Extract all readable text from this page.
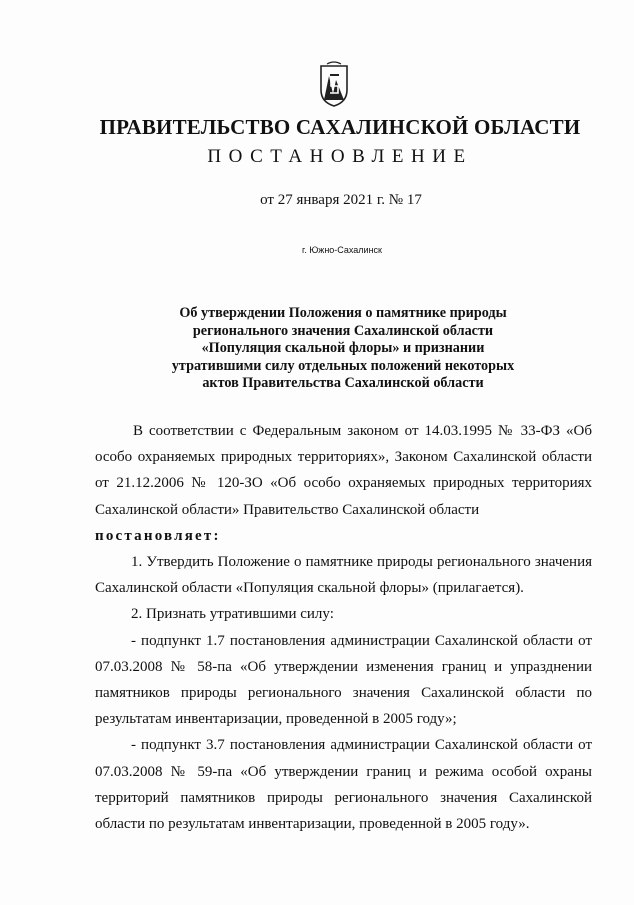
ПРАВИТЕЛЬСТВО САХАЛИНСКОЙ ОБЛАСТИ
ПОСТАНОВЛЕНИЕ
от 27 января 2021 г. № 17
г. Южно-Сахалинск
Об утверждении Положения о памятнике природы
регионального значения Сахалинской области
«Популяция скальной флоры» и признании
утратившими силу отдельных положений некоторых
актов Правительства Сахалинской области

В соответствии с Федеральным законом от 14.03.1995 № 33-ФЗ «Об особо охраняемых природных территориях», Законом Сахалинской области от 21.12.2006 № 120-ЗО «Об особо охраняемых природных территориях Сахалинской области» Правительство Сахалинской области

постановляет:

1. Утвердить Положение о памятнике природы регионального значения Сахалинской области «Популяция скальной флоры» (прилагается).

2. Признать утратившими силу:

- подпункт 1.7 постановления администрации Сахалинской области от 07.03.2008 № 58-па «Об утверждении изменения границ и упразднении памятников природы регионального значения Сахалинской области по результатам инвентаризации, проведенной в 2005 году»;

- подпункт 3.7 постановления администрации Сахалинской области от 07.03.2008 № 59-па «Об утверждении границ и режима особой охраны территорий памятников природы регионального значения Сахалинской области по результатам инвентаризации, проведенной в 2005 году».
